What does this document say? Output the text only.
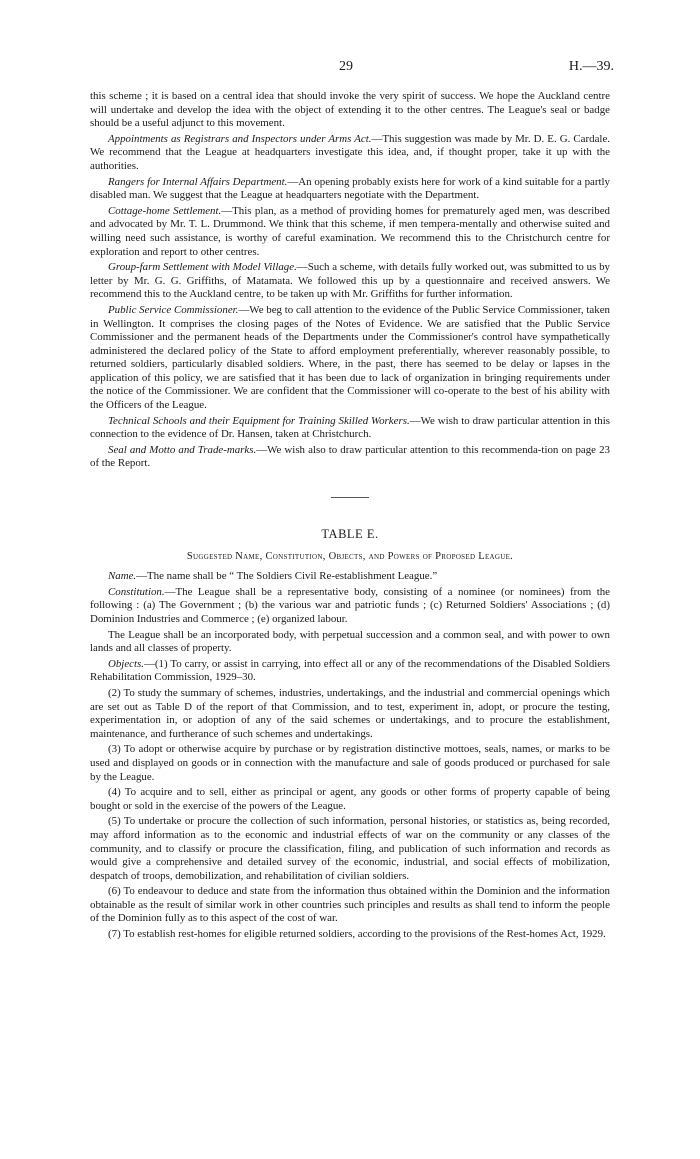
29	H.—39.

this scheme ; it is based on a central idea that should invoke the very spirit of success. We hope the Auckland centre will undertake and develop the idea with the object of extending it to the other centres. The League's seal or badge should be a useful adjunct to this movement.

Appointments as Registrars and Inspectors under Arms Act.—This suggestion was made by Mr. D. E. G. Cardale. We recommend that the League at headquarters investigate this idea, and, if thought proper, take it up with the authorities.

Rangers for Internal Affairs Department.—An opening probably exists here for work of a kind suitable for a partly disabled man. We suggest that the League at headquarters negotiate with the Department.

Cottage-home Settlement.—This plan, as a method of providing homes for prematurely aged men, was described and advocated by Mr. T. L. Drummond. We think that this scheme, if men tempera-mentally and otherwise suited and willing need such assistance, is worthy of careful examination. We recommend this to the Christchurch centre for exploration and report to other centres.

Group-farm Settlement with Model Village.—Such a scheme, with details fully worked out, was submitted to us by letter by Mr. G. G. Griffiths, of Matamata. We followed this up by a questionnaire and received answers. We recommend this to the Auckland centre, to be taken up with Mr. Griffiths for further information.

Public Service Commissioner.—We beg to call attention to the evidence of the Public Service Commissioner, taken in Wellington. It comprises the closing pages of the Notes of Evidence. We are satisfied that the Public Service Commissioner and the permanent heads of the Departments under the Commissioner's control have sympathetically administered the declared policy of the State to afford employment preferentially, wherever reasonably possible, to returned soldiers, particularly disabled soldiers. Where, in the past, there has seemed to be delay or lapses in the application of this policy, we are satisfied that it has been due to lack of organization in bringing requirements under the notice of the Commissioner. We are confident that the Commissioner will co-operate to the best of his ability with the Officers of the League.

Technical Schools and their Equipment for Training Skilled Workers.—We wish to draw particular attention in this connection to the evidence of Dr. Hansen, taken at Christchurch.

Seal and Motto and Trade-marks.—We wish also to draw particular attention to this recommenda-tion on page 23 of the Report.

TABLE E.
Suggested Name, Constitution, Objects, and Powers of Proposed League.

Name.—The name shall be “ The Soldiers Civil Re-establishment League.”

Constitution.—The League shall be a representative body, consisting of a nominee (or nominees) from the following : (a) The Government ; (b) the various war and patriotic funds ; (c) Returned Soldiers' Associations ; (d) Dominion Industries and Commerce ; (e) organized labour.

The League shall be an incorporated body, with perpetual succession and a common seal, and with power to own lands and all classes of property.

Objects.—(1) To carry, or assist in carrying, into effect all or any of the recommendations of the Disabled Soldiers Rehabilitation Commission, 1929–30.

(2) To study the summary of schemes, industries, undertakings, and the industrial and commercial openings which are set out as Table D of the report of that Commission, and to test, experiment in, adopt, or procure the testing, experimentation in, or adoption of any of the said schemes or undertakings, and to procure the establishment, maintenance, and furtherance of such schemes and undertakings.

(3) To adopt or otherwise acquire by purchase or by registration distinctive mottoes, seals, names, or marks to be used and displayed on goods or in connection with the manufacture and sale of goods produced or purchased for sale by the League.

(4) To acquire and to sell, either as principal or agent, any goods or other forms of property capable of being bought or sold in the exercise of the powers of the League.

(5) To undertake or procure the collection of such information, personal histories, or statistics as, being recorded, may afford information as to the economic and industrial effects of war on the community or any classes of the community, and to classify or procure the classification, filing, and publication of such information and records as would give a comprehensive and detailed survey of the economic, industrial, and social effects of mobilization, despatch of troops, demobilization, and rehabilitation of civilian soldiers.

(6) To endeavour to deduce and state from the information thus obtained within the Dominion and the information obtainable as the result of similar work in other countries such principles and results as shall tend to inform the people of the Dominion fully as to this aspect of the cost of war.

(7) To establish rest-homes for eligible returned soldiers, according to the provisions of the Rest-homes Act, 1929.
